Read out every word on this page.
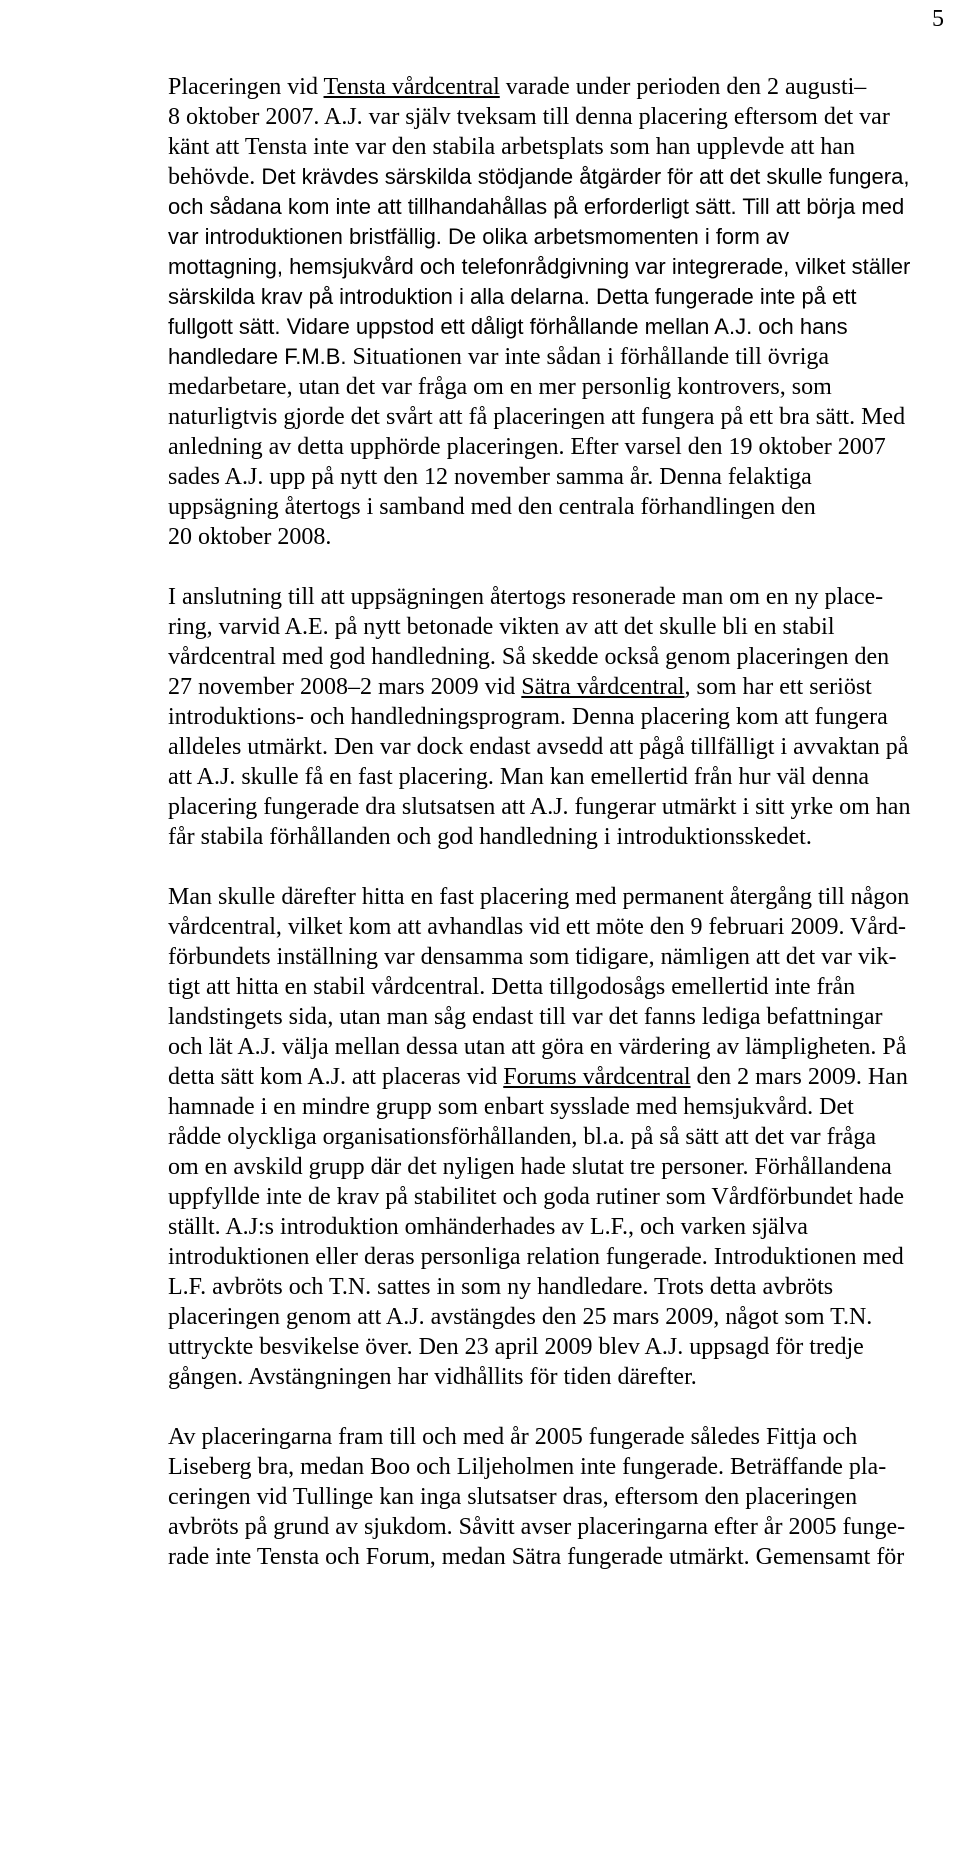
5
Placeringen vid Tensta vårdcentral varade under perioden den 2 augusti–
8 oktober 2007. A.J. var själv tveksam till denna placering eftersom det var
känt att Tensta inte var den stabila arbetsplats som han upplevde att han
behövde. Det krävdes särskilda stödjande åtgärder för att det skulle fungera,
och sådana kom inte att tillhandahållas på erforderligt sätt. Till att börja med
var introduktionen bristfällig. De olika arbetsmomenten i form av
mottagning, hemsjukvård och telefonrådgivning var integrerade, vilket ställer
särskilda krav på introduktion i alla delarna. Detta fungerade inte på ett
fullgott sätt. Vidare uppstod ett dåligt förhållande mellan A.J. och hans
handledare F.M.B. Situationen var inte sådan i förhållande till övriga
medarbetare, utan det var fråga om en mer personlig kontrovers, som
naturligtvis gjorde det svårt att få placeringen att fungera på ett bra sätt. Med
anledning av detta upphörde placeringen. Efter varsel den 19 oktober 2007
sades A.J. upp på nytt den 12 november samma år. Denna felaktiga
uppsägning återtogs i samband med den centrala förhandlingen den
20 oktober 2008.
I anslutning till att uppsägningen återtogs resonerade man om en ny place-
ring, varvid A.E. på nytt betonade vikten av att det skulle bli en stabil
vårdcentral med god handledning. Så skedde också genom placeringen den
27 november 2008–2 mars 2009 vid Sätra vårdcentral, som har ett seriöst
introduktions- och handledningsprogram. Denna placering kom att fungera
alldeles utmärkt. Den var dock endast avsedd att pågå tillfälligt i avvaktan på
att A.J. skulle få en fast placering. Man kan emellertid från hur väl denna
placering fungerade dra slutsatsen att A.J. fungerar utmärkt i sitt yrke om han
får stabila förhållanden och god handledning i introduktionsskedet.
Man skulle därefter hitta en fast placering med permanent återgång till någon
vårdcentral, vilket kom att avhandlas vid ett möte den 9 februari 2009. Vård-
förbundets inställning var densamma som tidigare, nämligen att det var vik-
tigt att hitta en stabil vårdcentral. Detta tillgodosågs emellertid inte från
landstingets sida, utan man såg endast till var det fanns lediga befattningar
och lät A.J. välja mellan dessa utan att göra en värdering av lämpligheten. På
detta sätt kom A.J. att placeras vid Forums vårdcentral den 2 mars 2009. Han
hamnade i en mindre grupp som enbart sysslade med hemsjukvård. Det
rådde olyckliga organisationsförhållanden, bl.a. på så sätt att det var fråga
om en avskild grupp där det nyligen hade slutat tre personer. Förhållandena
uppfyllde inte de krav på stabilitet och goda rutiner som Vårdförbundet hade
ställt. A.J:s introduktion omhänderhades av L.F., och varken själva
introduktionen eller deras personliga relation fungerade. Introduktionen med
L.F. avbröts och T.N. sattes in som ny handledare. Trots detta avbröts
placeringen genom att A.J. avstängdes den 25 mars 2009, något som T.N.
uttryckte besvikelse över. Den 23 april 2009 blev A.J. uppsagd för tredje
gången. Avstängningen har vidhållits för tiden därefter.
Av placeringarna fram till och med år 2005 fungerade således Fittja och
Liseberg bra, medan Boo och Liljeholmen inte fungerade. Beträffande pla-
ceringen vid Tullinge kan inga slutsatser dras, eftersom den placeringen
avbröts på grund av sjukdom. Såvitt avser placeringarna efter år 2005 funge-
rade inte Tensta och Forum, medan Sätra fungerade utmärkt. Gemensamt för
